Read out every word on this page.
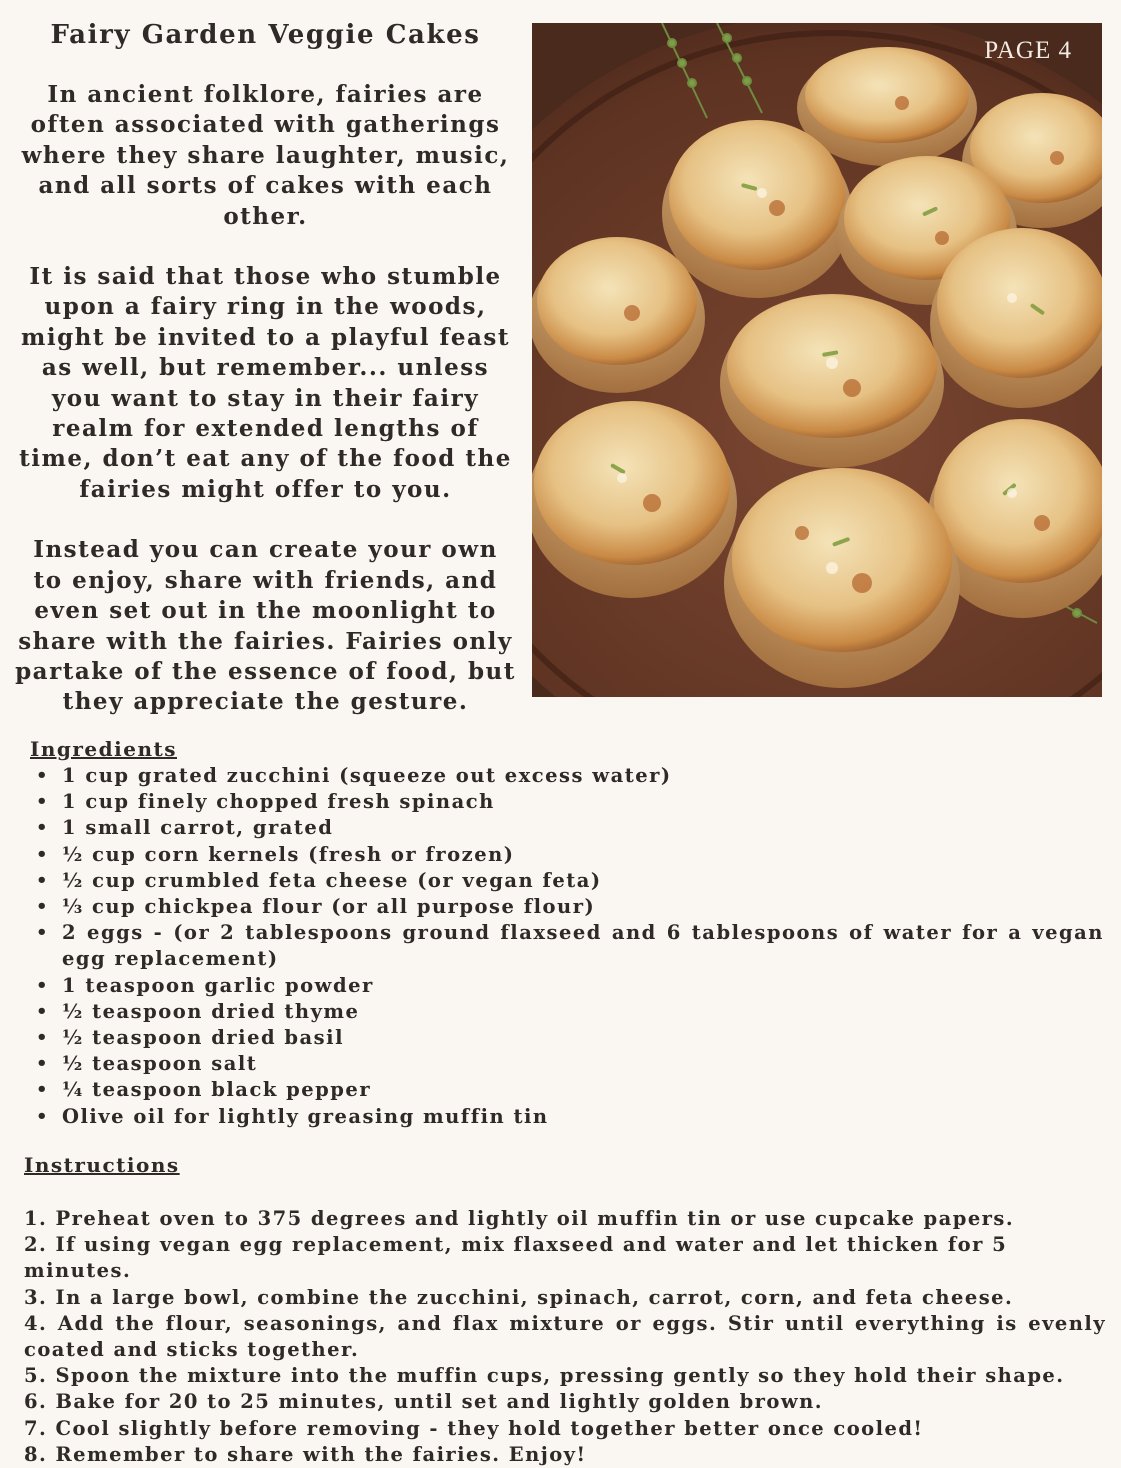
Fairy Garden Veggie Cakes

In ancient folklore, fairies are often associated with gatherings where they share laughter, music, and all sorts of cakes with each other.

It is said that those who stumble upon a fairy ring in the woods, might be invited to a playful feast as well, but remember... unless you want to stay in their fairy realm for extended lengths of time, don’t eat any of the food the fairies might offer to you.

Instead you can create your own to enjoy, share with friends, and even set out in the moonlight to share with the fairies. Fairies only partake of the essence of food, but they appreciate the gesture.

PAGE 4
Ingredients
• 1 cup grated zucchini (squeeze out excess water)
• 1 cup finely chopped fresh spinach
• 1 small carrot, grated
• ½ cup corn kernels (fresh or frozen)
• ½ cup crumbled feta cheese (or vegan feta)
• ⅓ cup chickpea flour (or all purpose flour)
• 2 eggs - (or 2 tablespoons ground flaxseed and 6 tablespoons of water for a vegan egg replacement)
• 1 teaspoon garlic powder
• ½ teaspoon dried thyme
• ½ teaspoon dried basil
• ½ teaspoon salt
• ¼ teaspoon black pepper
• Olive oil for lightly greasing muffin tin
Instructions
1. Preheat oven to 375 degrees and lightly oil muffin tin or use cupcake papers.
2. If using vegan egg replacement, mix flaxseed and water and let thicken for 5 minutes.
3. In a large bowl, combine the zucchini, spinach, carrot, corn, and feta cheese.
4. Add the flour, seasonings, and flax mixture or eggs. Stir until everything is evenly coated and sticks together.
5. Spoon the mixture into the muffin cups, pressing gently so they hold their shape.
6. Bake for 20 to 25 minutes, until set and lightly golden brown.
7. Cool slightly before removing - they hold together better once cooled!
8. Remember to share with the fairies. Enjoy!
